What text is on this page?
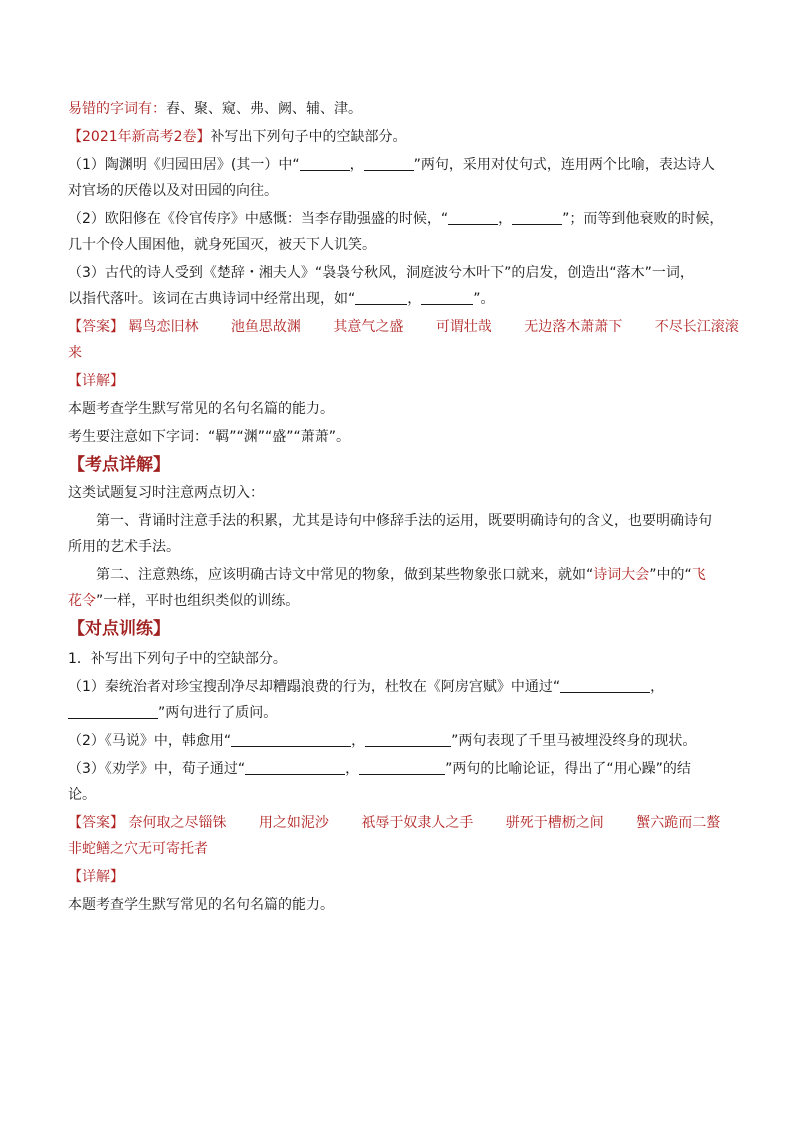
易错的字词有：舂、聚、窥、弗、阙、辅、津。
【2021年新高考2卷】补写出下列句子中的空缺部分。
（1）陶渊明《归园田居》(其一）中“	，	”两句，采用对仗句式，连用两个比喻，表达诗人
对官场的厌倦以及对田园的向往。
（2）欧阳修在《伶官传序》中感慨：当李存勖强盛的时候，“	，	”；而等到他衰败的时候，
几十个伶人围困他，就身死国灭，被天下人讥笑。
（3）古代的诗人受到《楚辞・湘夫人》“袅袅兮秋风，洞庭波兮木叶下”的启发，创造出“落木”一词，
以指代落叶。该词在古典诗词中经常出现，如“	，	”。
【答案】 羁鸟恋旧林 池鱼思故渊 其意气之盛 可谓壮哉 无边落木萧萧下 不尽长江滚滚
来
【详解】
本题考查学生默写常见的名句名篇的能力。
考生要注意如下字词：“羁”“渊”“盛”“萧萧”。
【考点详解】
这类试题复习时注意两点切入：
第一、背诵时注意手法的积累，尤其是诗句中修辞手法的运用，既要明确诗句的含义，也要明确诗句
所用的艺术手法。
第二、注意熟练，应该明确古诗文中常见的物象，做到某些物象张口就来，就如“诗词大会”中的“飞
花令”一样，平时也组织类似的训练。
【对点训练】
1．补写出下列句子中的空缺部分。
（1）秦统治者对珍宝搜刮净尽却糟蹋浪费的行为，杜牧在《阿房宫赋》中通过“	，
”两句进行了质问。
（2）《马说》中，韩愈用“	，	”两句表现了千里马被埋没终身的现状。
（3）《劝学》中，荀子通过“	，	”两句的比喻论证，得出了“用心躁”的结
论。
【答案】 奈何取之尽锱铢 用之如泥沙 祇辱于奴隶人之手 骈死于槽枥之间 蟹六跪而二螯
非蛇鳝之穴无可寄托者
【详解】
本题考查学生默写常见的名句名篇的能力。
